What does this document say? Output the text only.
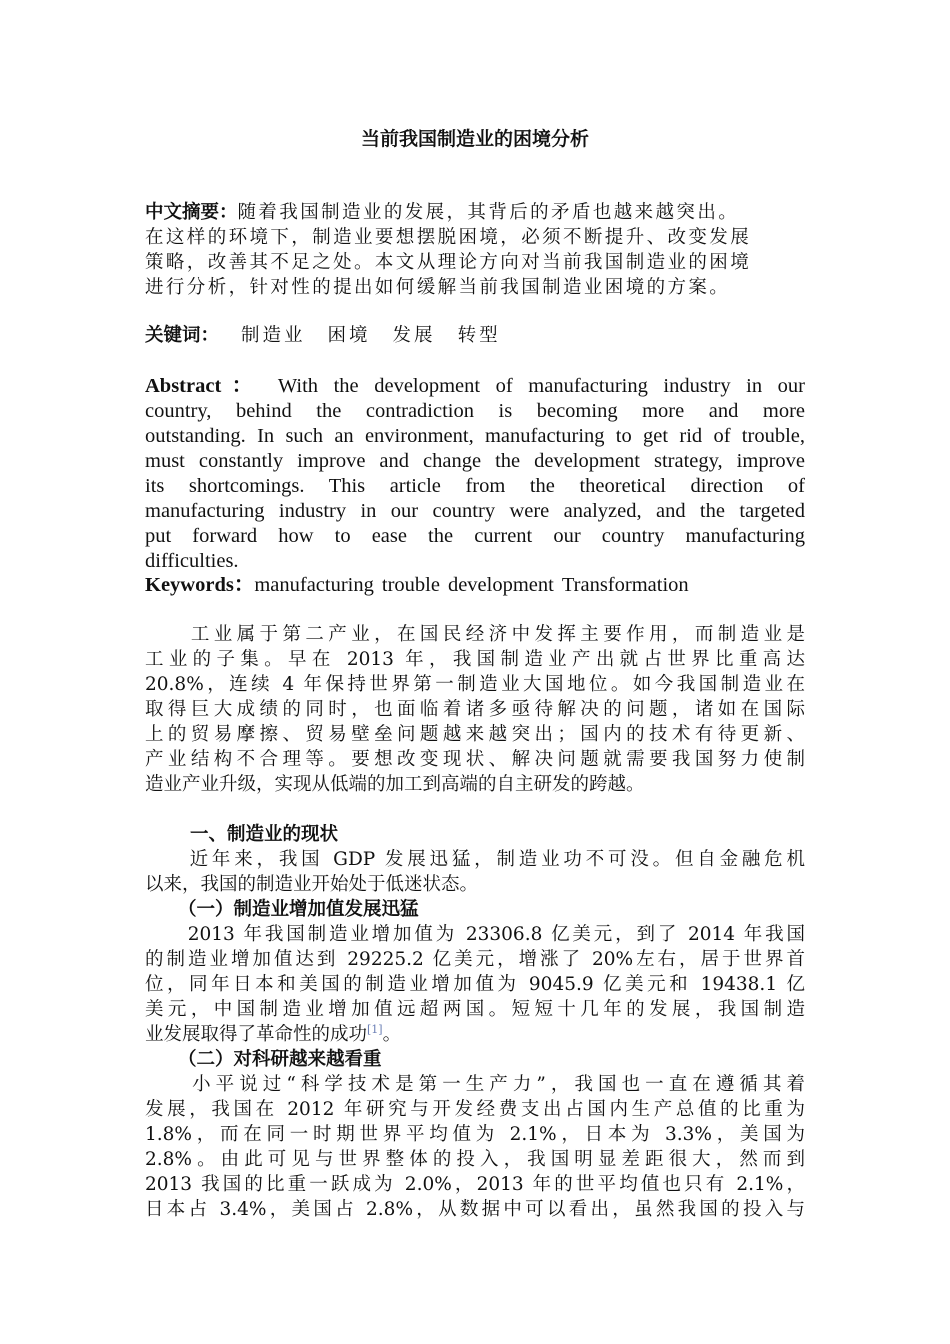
当前我国制造业的困境分析
中文摘要：随着我国制造业的发展，其背后的矛盾也越来越突出。
在这样的环境下，制造业要想摆脱困境，必须不断提升、改变发展
策略，改善其不足之处。本文从理论方向对当前我国制造业的困境
进行分析，针对性的提出如何缓解当前我国制造业困境的方案。
关键词： 制造业 困境 发展 转型
Abstract： With the development of manufacturing industry in our
country, behind the contradiction is becoming more and more
outstanding. In such an environment, manufacturing to get rid of trouble,
must constantly improve and change the development strategy, improve
its shortcomings. This article from the theoretical direction of
manufacturing industry in our country were analyzed, and the targeted
put forward how to ease the current our country manufacturing
difficulties.
Keywords：manufacturing trouble development Transformation
　　工业属于第二产业，在国民经济中发挥主要作用，而制造业是
工业的子集。早在 2013 年，我国制造业产出就占世界比重高达
20.8%，连续 4 年保持世界第一制造业大国地位。如今我国制造业在
取得巨大成绩的同时，也面临着诸多亟待解决的问题，诸如在国际
上的贸易摩擦、贸易壁垒问题越来越突出；国内的技术有待更新、
产业结构不合理等。要想改变现状、解决问题就需要我国努力使制
造业产业升级，实现从低端的加工到高端的自主研发的跨越。
一、制造业的现状
　　近年来，我国 GDP 发展迅猛，制造业功不可没。但自金融危机
以来，我国的制造业开始处于低迷状态。
（一）制造业增加值发展迅猛
　　2013 年我国制造业增加值为 23306.8 亿美元，到了 2014 年我国
的制造业增加值达到 29225.2 亿美元，增涨了 20%左右，居于世界首
位，同年日本和美国的制造业增加值为 9045.9 亿美元和 19438.1 亿
美元，中国制造业增加值远超两国。短短十几年的发展，我国制造
业发展取得了革命性的成功[1]。
（二）对科研越来越看重
　　小平说过“科学技术是第一生产力”，我国也一直在遵循其着
发展，我国在 2012 年研究与开发经费支出占国内生产总值的比重为
1.8%，而在同一时期世界平均值为 2.1%，日本为 3.3%，美国为
2.8%。由此可见与世界整体的投入，我国明显差距很大，然而到
2013 我国的比重一跃成为 2.0%，2013 年的世平均值也只有 2.1%，
日本占 3.4%，美国占 2.8%，从数据中可以看出，虽然我国的投入与
